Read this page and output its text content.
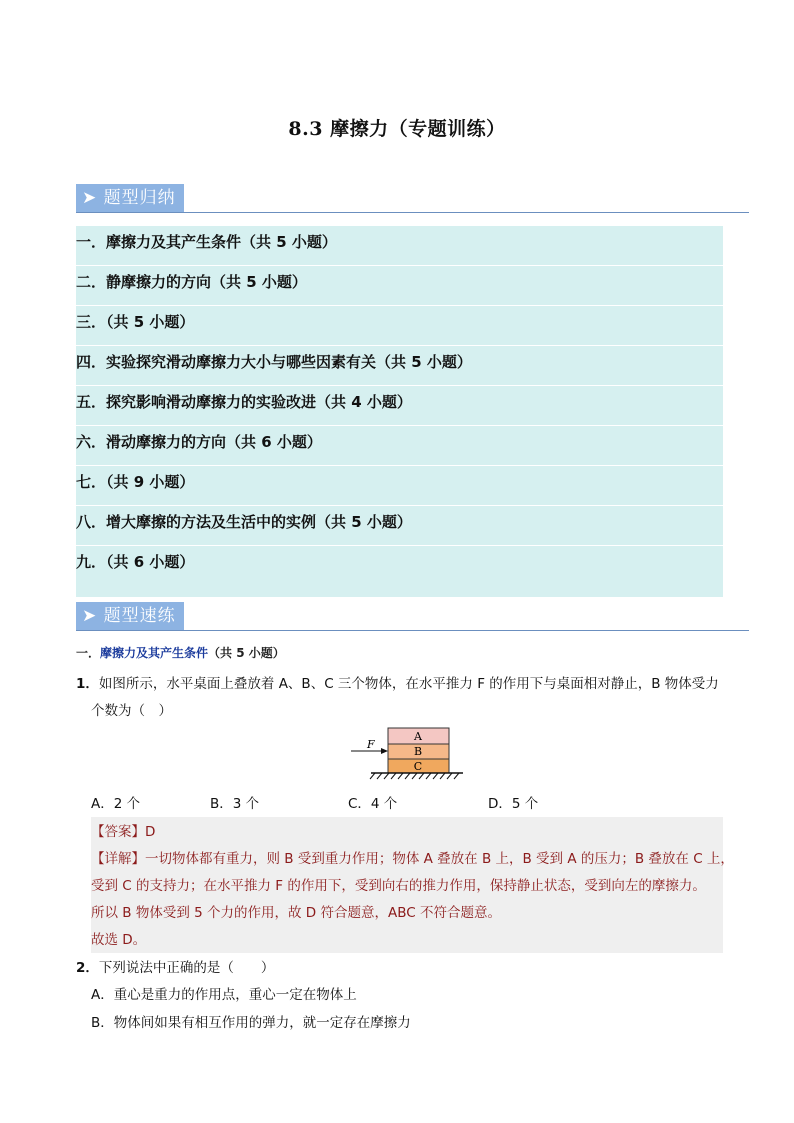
8.3 摩擦力（专题训练）
➤ 题型归纳
一．摩擦力及其产生条件（共 5 小题）
二．静摩擦力的方向（共 5 小题）
三．（共 5 小题）
四．实验探究滑动摩擦力大小与哪些因素有关（共 5 小题）
五．探究影响滑动摩擦力的实验改进（共 4 小题）
六．滑动摩擦力的方向（共 6 小题）
七．（共 9 小题）
八．增大摩擦的方法及生活中的实例（共 5 小题）
九．（共 6 小题）
➤ 题型速练
一．摩擦力及其产生条件（共 5 小题）
1．如图所示，水平桌面上叠放着 A、B、C 三个物体，在水平推力 F 的作用下与桌面相对静止，B 物体受力
个数为（　）
A
B
C
F
A．2 个	B．3 个	C．4 个	D．5 个
【答案】D
【详解】一切物体都有重力，则 B 受到重力作用；物体 A 叠放在 B 上，B 受到 A 的压力；B 叠放在 C 上，
受到 C 的支持力；在水平推力 F 的作用下，受到向右的推力作用，保持静止状态，受到向左的摩擦力。
所以 B 物体受到 5 个力的作用，故 D 符合题意，ABC 不符合题意。
故选 D。
2．下列说法中正确的是（　　）
A．重心是重力的作用点，重心一定在物体上
B．物体间如果有相互作用的弹力，就一定存在摩擦力
